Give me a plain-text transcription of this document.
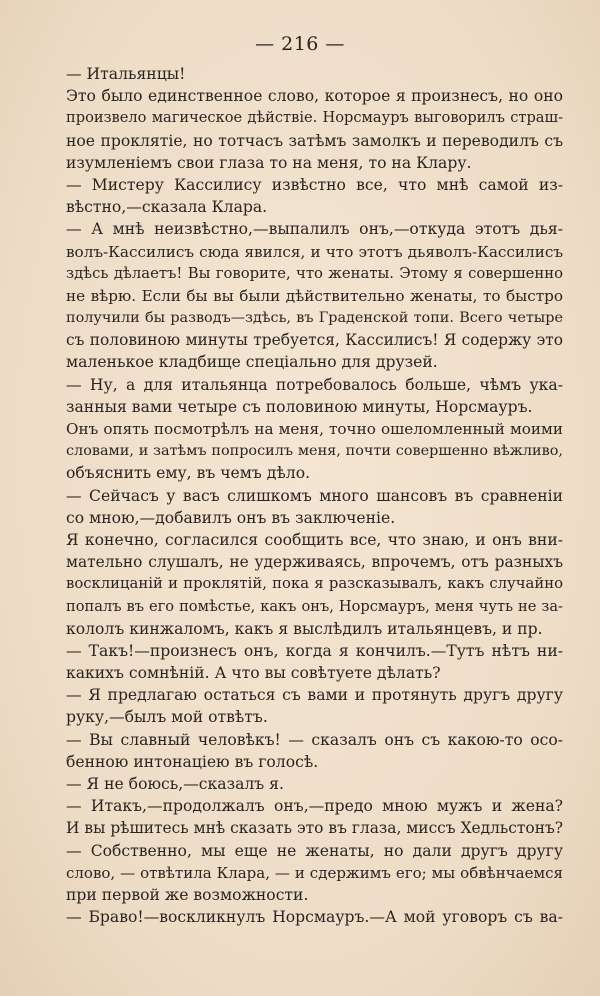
— 216 —
— Итальянцы!
Это было единственное слово, которое я произнесъ, но оно
произвело магическое дѣйствіе. Норсмауръ выговорилъ страш-
ное проклятіе, но тотчасъ затѣмъ замолкъ и переводилъ съ
изумленіемъ свои глаза то на меня, то на Клару.
— Мистеру Кассилису извѣстно все, что мнѣ самой из-
вѣстно,—сказала Клара.
— А мнѣ неизвѣстно,—выпалилъ онъ,—откуда этотъ дья-
волъ-Кассилисъ сюда явился, и что этотъ дьяволъ-Кассилисъ
здѣсь дѣлаетъ! Вы говорите, что женаты. Этому я совершенно
не вѣрю. Если бы вы были дѣйствительно женаты, то быстро
получили бы разводъ—здѣсь, въ Граденской топи. Всего четыре
съ половиною минуты требуется, Кассилисъ! Я содержу это
маленькое кладбище спеціально для друзей.
— Ну, а для итальянца потребовалось больше, чѣмъ ука-
занныя вами четыре съ половиною минуты, Норсмауръ.
Онъ опять посмотрѣлъ на меня, точно ошеломленный моими
словами, и затѣмъ попросилъ меня, почти совершенно вѣжливо,
объяснить ему, въ чемъ дѣло.
— Сейчасъ у васъ слишкомъ много шансовъ въ сравненіи
со мною,—добавилъ онъ въ заключеніе.
Я конечно, согласился сообщить все, что знаю, и онъ вни-
мательно слушалъ, не удерживаясь, впрочемъ, отъ разныхъ
восклицаній и проклятій, пока я разсказывалъ, какъ случайно
попалъ въ его помѣстье, какъ онъ, Норсмауръ, меня чуть не за-
кололъ кинжаломъ, какъ я выслѣдилъ итальянцевъ, и пр.
— Такъ!—произнесъ онъ, когда я кончилъ.—Тутъ нѣтъ ни-
какихъ сомнѣній. А что вы совѣтуете дѣлать?
— Я предлагаю остаться съ вами и протянуть другъ другу
руку,—былъ мой отвѣтъ.
— Вы славный человѣкъ! — сказалъ онъ съ какою-то осо-
бенною интонаціею въ голосѣ.
— Я не боюсь,—сказалъ я.
— Итакъ,—продолжалъ онъ,—предо мною мужъ и жена?
И вы рѣшитесь мнѣ сказать это въ глаза, миссъ Хедльстонъ?
— Собственно, мы еще не женаты, но дали другъ другу
слово, — отвѣтила Клара, — и сдержимъ его; мы обвѣнчаемся
при первой же возможности.
— Браво!—воскликнулъ Норсмауръ.—А мой уговоръ съ ва-
